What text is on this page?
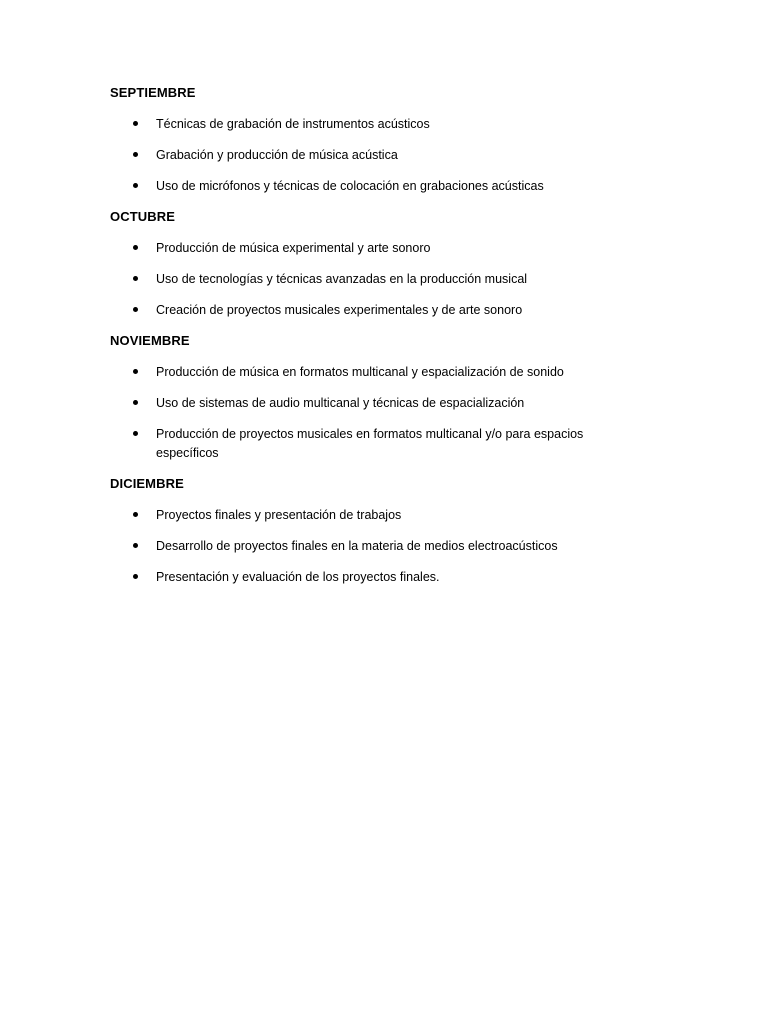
SEPTIEMBRE
Técnicas de grabación de instrumentos acústicos
Grabación y producción de música acústica
Uso de micrófonos y técnicas de colocación en grabaciones acústicas
OCTUBRE
Producción de música experimental y arte sonoro
Uso de tecnologías y técnicas avanzadas en la producción musical
Creación de proyectos musicales experimentales y de arte sonoro
NOVIEMBRE
Producción de música en formatos multicanal y espacialización de sonido
Uso de sistemas de audio multicanal y técnicas de espacialización
Producción de proyectos musicales en formatos multicanal y/o para espacios específicos
DICIEMBRE
Proyectos finales y presentación de trabajos
Desarrollo de proyectos finales en la materia de medios electroacústicos
Presentación y evaluación de los proyectos finales.
